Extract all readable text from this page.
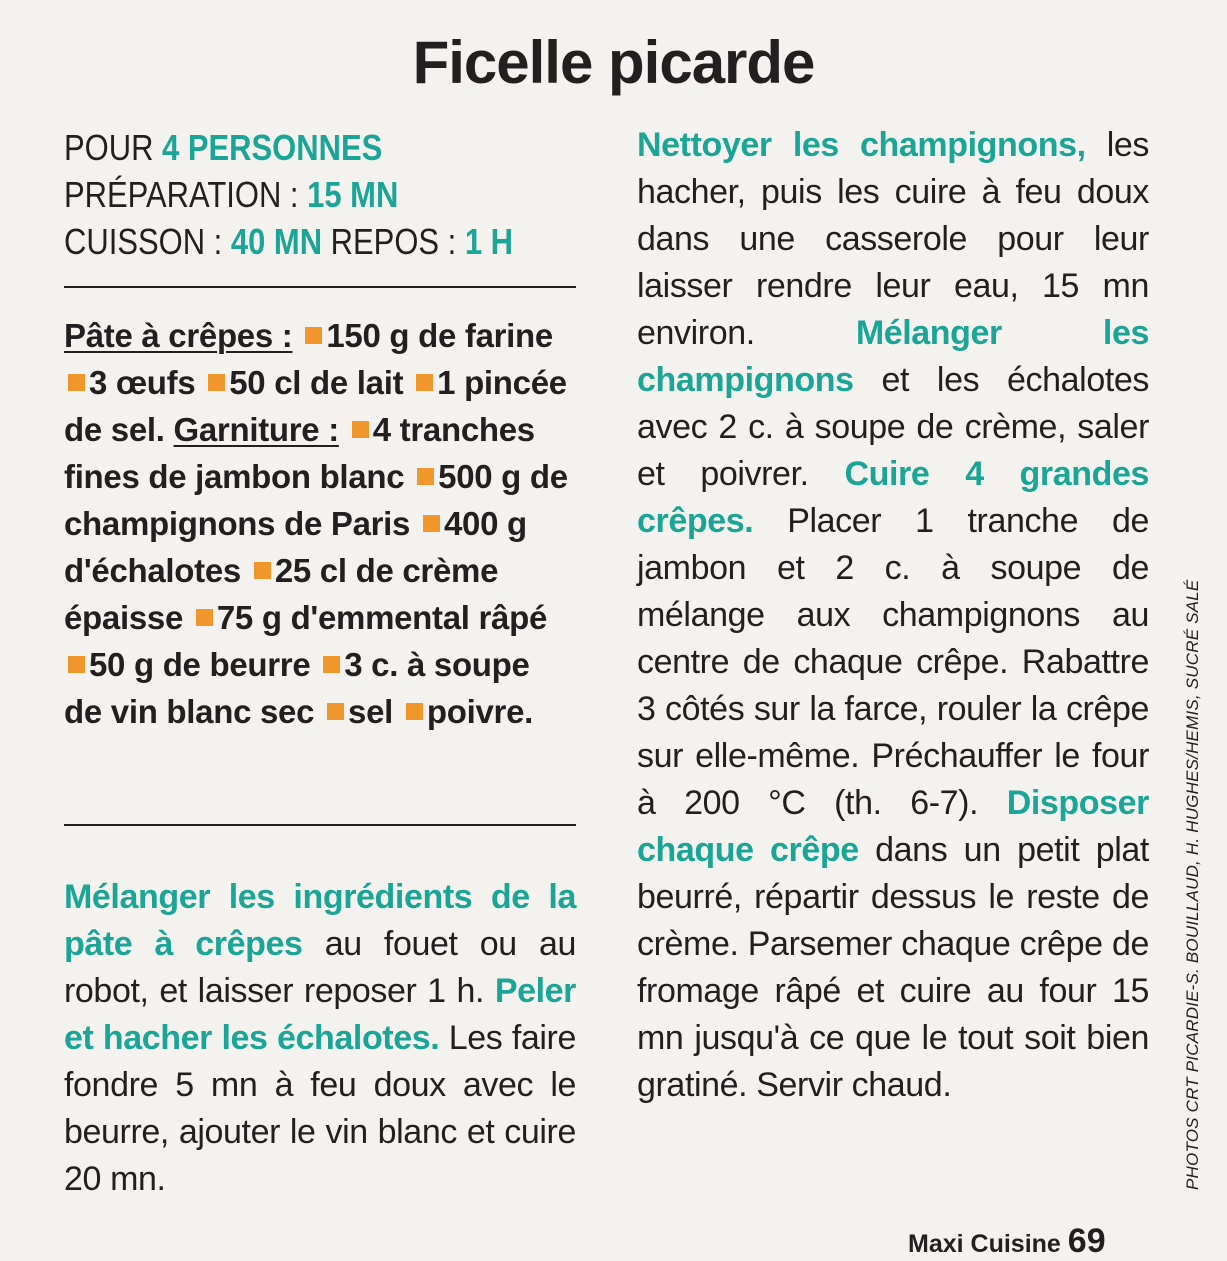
Ficelle picarde
POUR 4 PERSONNES
PRÉPARATION : 15 MN
CUISSON : 40 MN REPOS : 1 H
Pâte à crêpes : 150 g de farine 3 œufs 50 cl de lait 1 pincée de sel. Garniture : 4 tranches fines de jambon blanc 500 g de champignons de Paris 400 g d'échalotes 25 cl de crème épaisse 75 g d'emmental râpé 50 g de beurre 3 c. à soupe de vin blanc sec sel poivre.
Mélanger les ingrédients de la pâte à crêpes au fouet ou au robot, et laisser reposer 1 h. Peler et hacher les échalotes. Les faire fondre 5 mn à feu doux avec le beurre, ajouter le vin blanc et cuire 20 mn.
Nettoyer les champignons, les hacher, puis les cuire à feu doux dans une casserole pour leur laisser rendre leur eau, 15 mn environ.	Mélanger les champignons et les échalotes avec 2 c. à soupe de crème, saler et poivrer. Cuire 4 grandes crêpes. Placer 1 tranche de jambon et 2 c. à soupe de mélange aux champignons au centre de chaque crêpe. Rabattre 3 côtés sur la farce, rouler la crêpe sur elle-même. Préchauffer le four à 200 °C (th. 6-7). Disposer chaque crêpe dans un petit plat beurré, répartir dessus le reste de crème. Parsemer chaque crêpe de fromage râpé et cuire au four 15 mn jusqu'à ce que le tout soit bien gratiné. Servir chaud.	PHOTOS CRT PICARDIE-S. BOUILLAUD, H. HUGHES/HEMIS, SUCRÉ SALÉ
Maxi Cuisine 69
